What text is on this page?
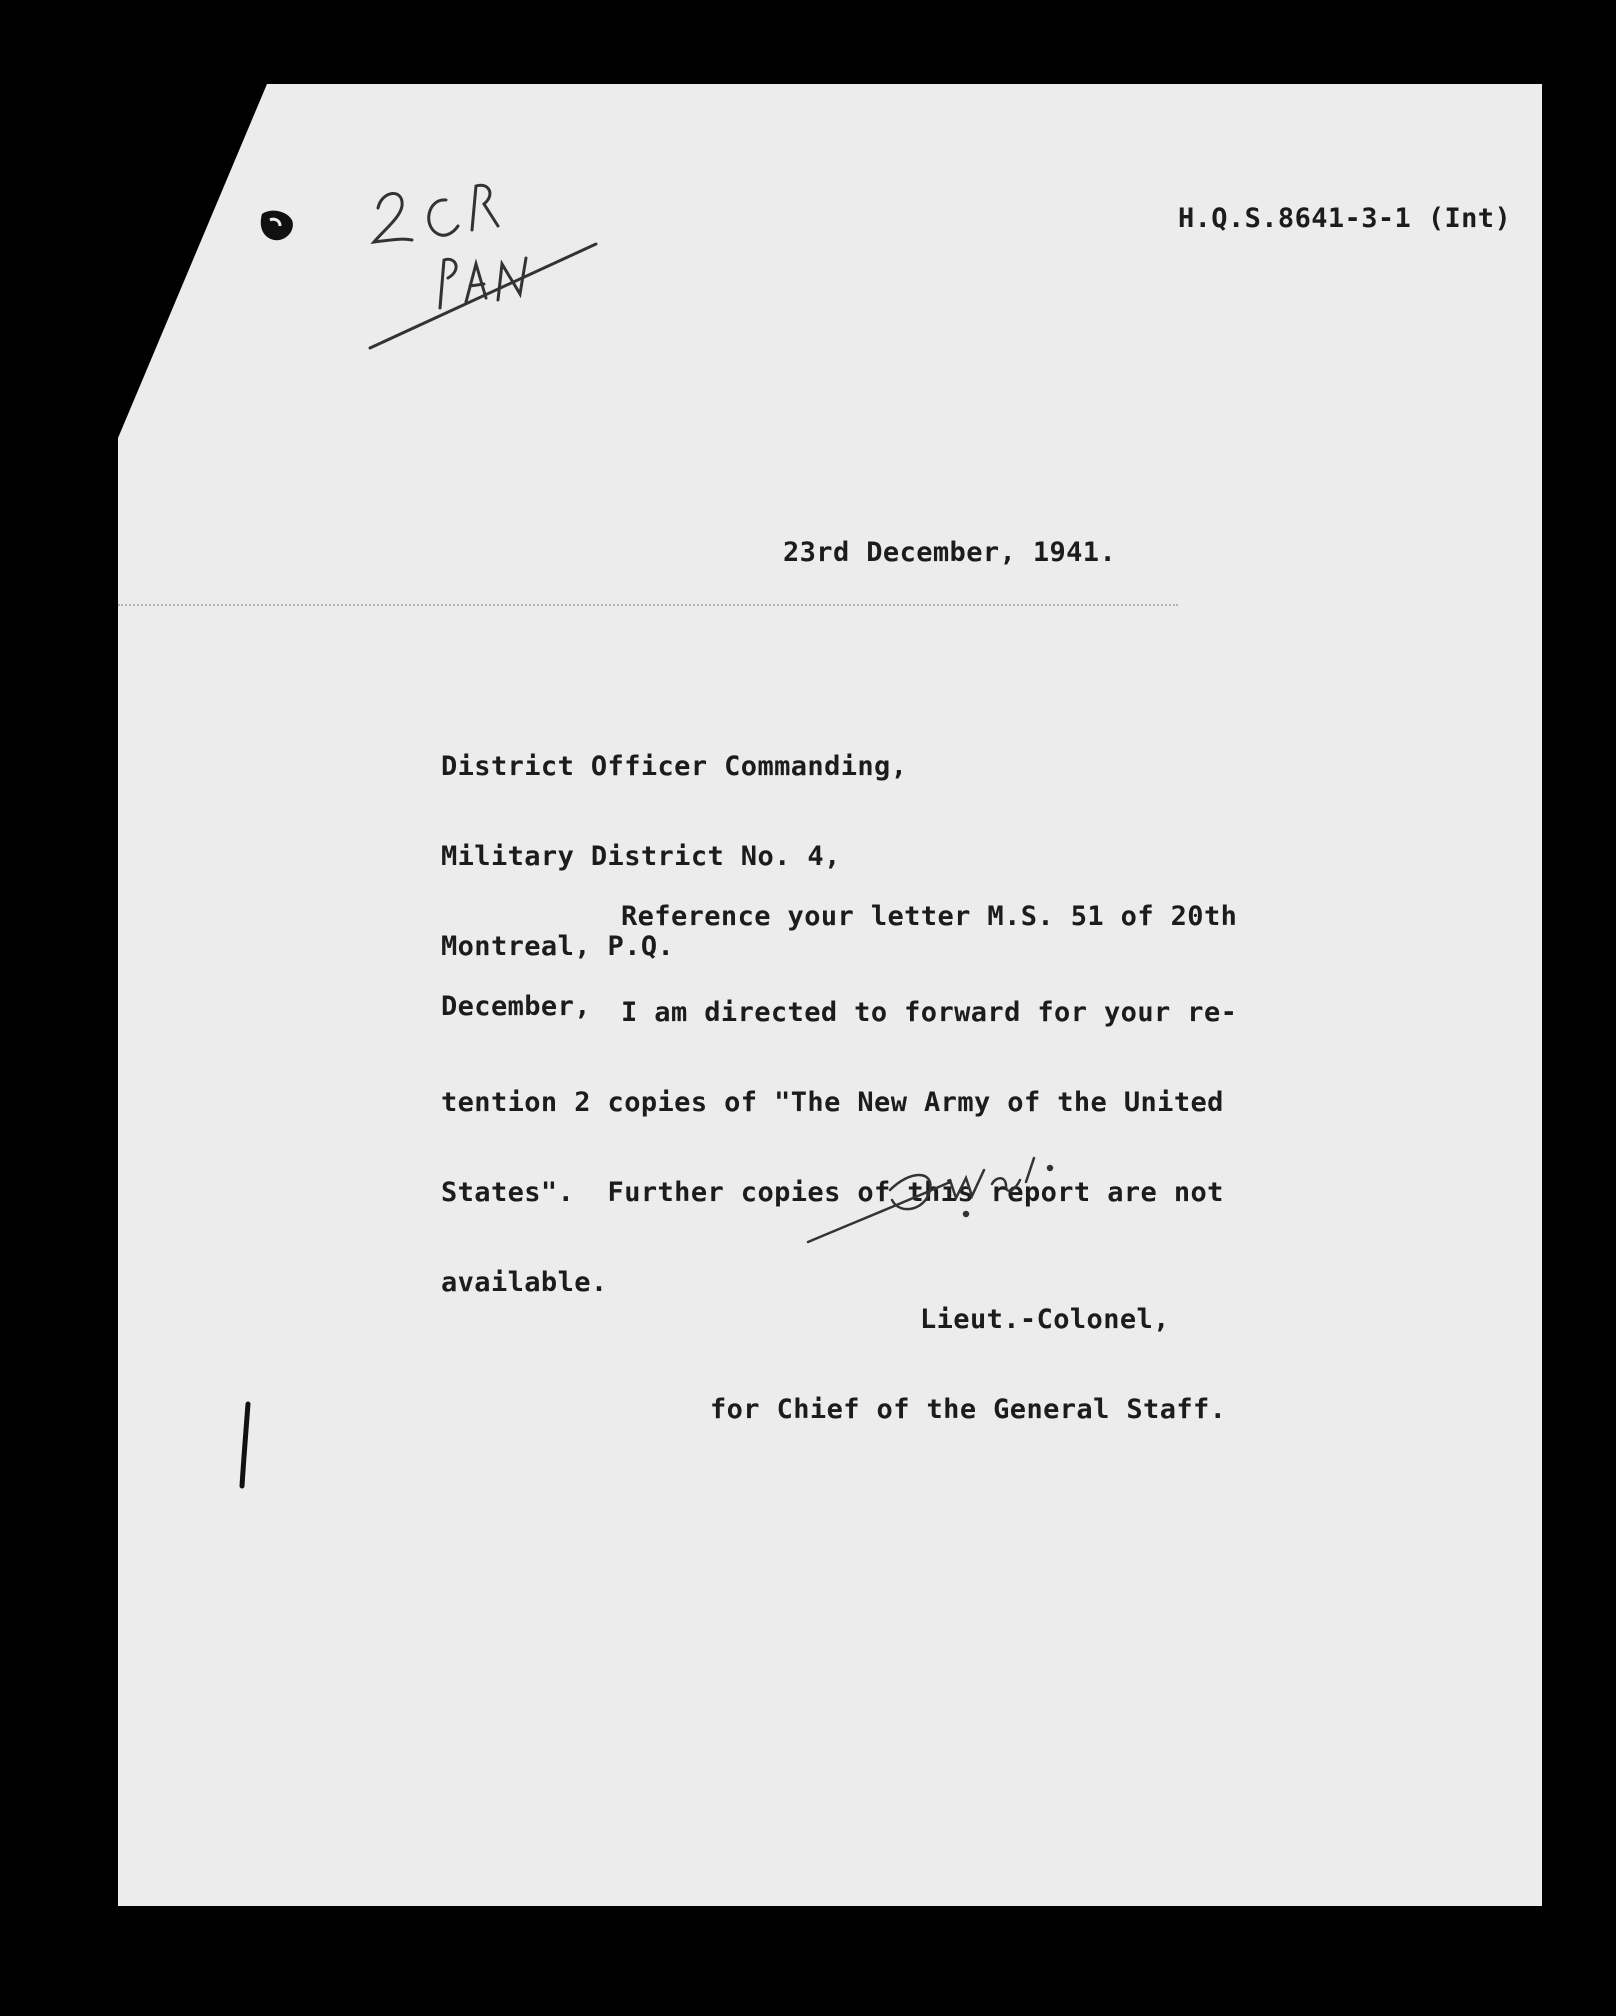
H.Q.S.8641-3-1 (Int)
23rd December, 1941.

District Officer Commanding,

Military District No. 4,

Montreal, P.Q.

Reference your letter M.S. 51 of 20th

December,

	I am directed to forward for your re-

tention 2 copies of "The New Army of the United

States".  Further copies of this report are not

available.

Lieut.-Colonel,

for Chief of the General Staff.
